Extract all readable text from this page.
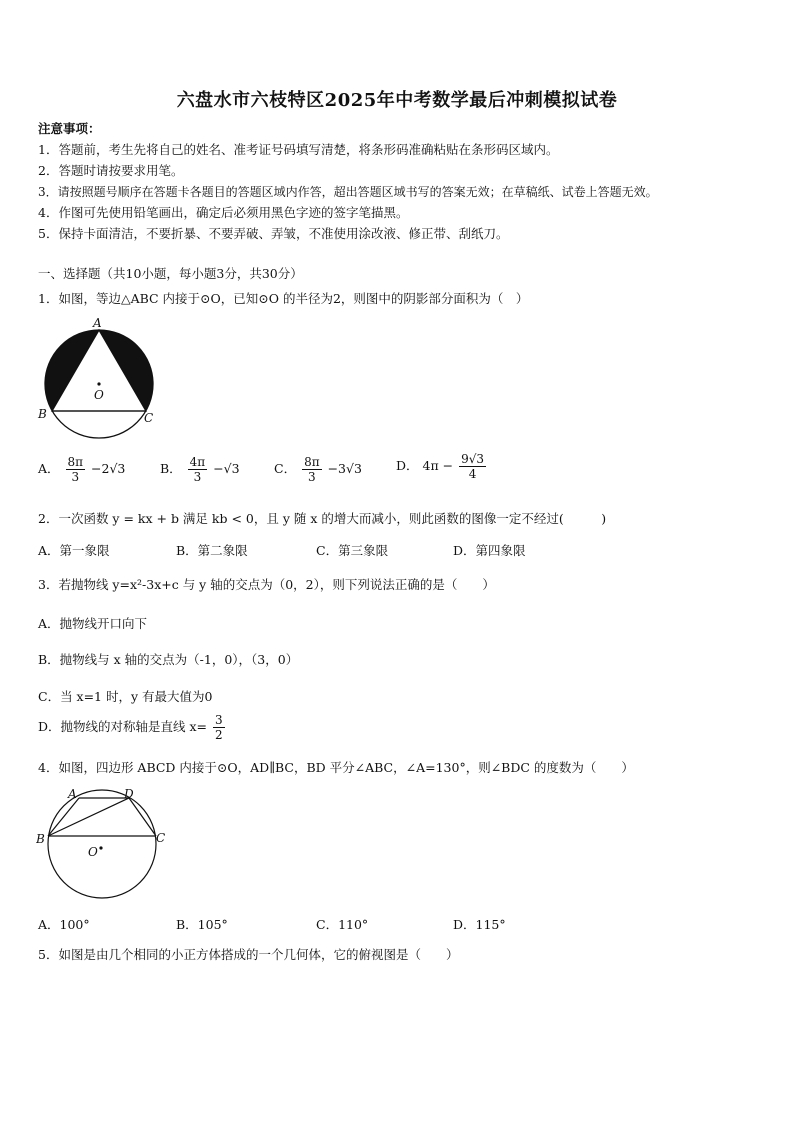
六盘水市六枝特区2025年中考数学最后冲刺模拟试卷
注意事项：
1．答题前，考生先将自己的姓名、准考证号码填写清楚，将条形码准确粘贴在条形码区域内。
2．答题时请按要求用笔。
3．请按照题号顺序在答题卡各题目的答题区域内作答，超出答题区域书写的答案无效；在草稿纸、试卷上答题无效。
4．作图可先使用铅笔画出，确定后必须用黑色字迹的签字笔描黑。
5．保持卡面清洁，不要折暴、不要弄破、弄皱，不准使用涂改液、修正带、刮纸刀。
一、选择题（共10小题，每小题3分，共30分）
1．如图，等边△ABC 内接于⊙O，已知⊙O 的半径为2，则图中的阴影部分面积为（　）
A
B	C
O
A． $\frac{8\pi}{3} -2√3$	B． $\frac{4\pi}{3} -√3$	C． $\frac{8\pi}{3} -3√3$	D． $4\pi - \frac{9√3}{4}$
2．一次函数 y = kx + b 满足 kb < 0，且 y 随 x 的增大而减小，则此函数的图像一定不经过(　　　)
A．第一象限	B．第二象限	C．第三象限	D．第四象限
3．若抛物线 y=x²-3x+c 与 y 轴的交点为（0，2），则下列说法正确的是（　　）
A．抛物线开口向下
B．抛物线与 x 轴的交点为（-1，0），（3，0）
C．当 x=1 时，y 有最大值为0
D．抛物线的对称轴是直线 $x= \frac{3}{2}$
4．如图，四边形 ABCD 内接于⊙O，AD∥BC，BD 平分∠ABC，∠A=130°，则∠BDC 的度数为（　　）
A	D
B	C
O
A．100°	B．105°	C．110°	D．115°
5．如图是由几个相同的小正方体搭成的一个几何体，它的俯视图是（　　）
